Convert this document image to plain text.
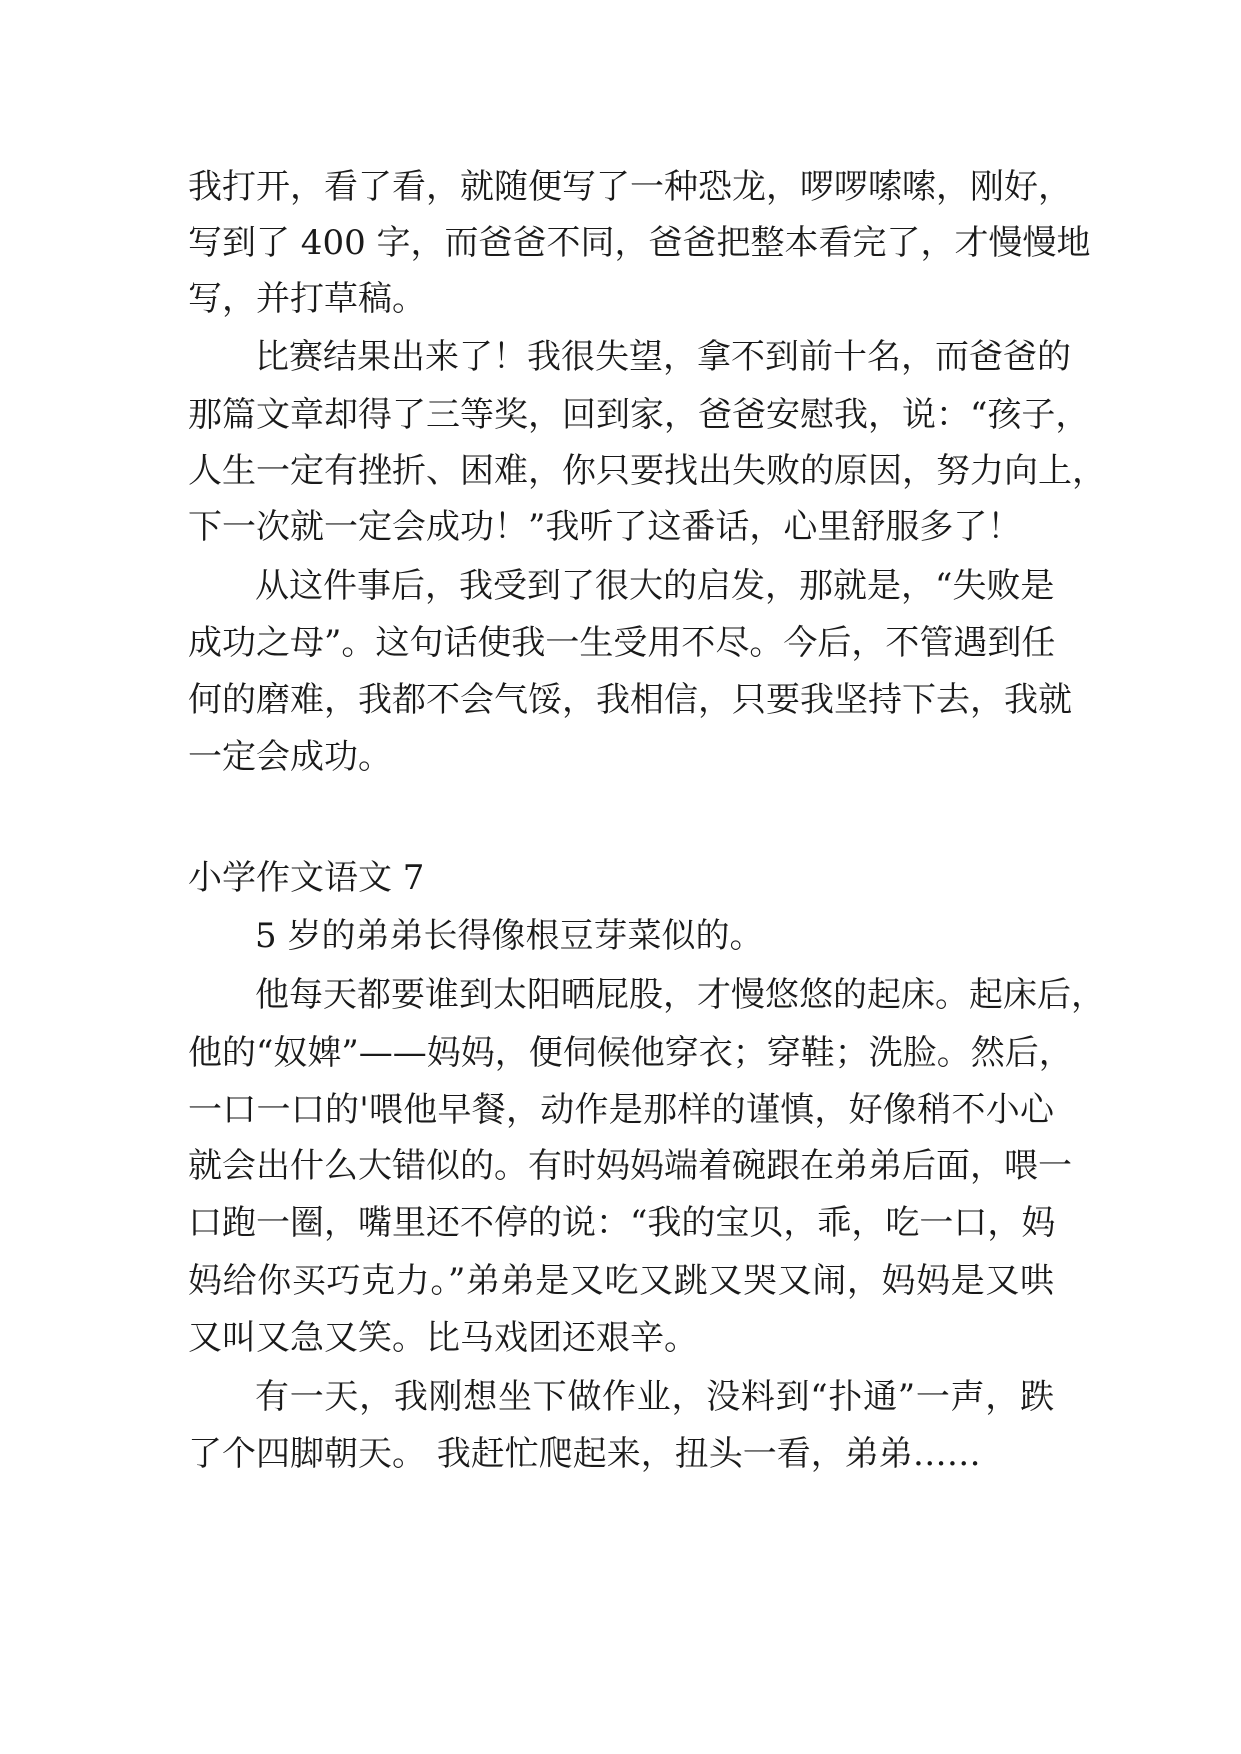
我打开，看了看，就随便写了一种恐龙，啰啰嗦嗦，刚好，
写到了 400 字，而爸爸不同，爸爸把整本看完了，才慢慢地
写，并打草稿。
比赛结果出来了！我很失望，拿不到前十名，而爸爸的
那篇文章却得了三等奖，回到家，爸爸安慰我，说：“孩子，
人生一定有挫折、困难，你只要找出失败的原因，努力向上，
下一次就一定会成功！”我听了这番话，心里舒服多了！
从这件事后，我受到了很大的启发，那就是，“失败是
成功之母”。这句话使我一生受用不尽。今后，不管遇到任
何的磨难，我都不会气馁，我相信，只要我坚持下去，我就
一定会成功。
小学作文语文 7
5 岁的弟弟长得像根豆芽菜似的。
他每天都要谁到太阳晒屁股，才慢悠悠的起床。起床后，
他的“奴婢”——妈妈，便伺候他穿衣；穿鞋；洗脸。然后，
一口一口的'喂他早餐，动作是那样的谨慎，好像稍不小心
就会出什么大错似的。有时妈妈端着碗跟在弟弟后面，喂一
口跑一圈，嘴里还不停的说：“我的宝贝，乖，吃一口，妈
妈给你买巧克力。”弟弟是又吃又跳又哭又闹，妈妈是又哄
又叫又急又笑。比马戏团还艰辛。
有一天，我刚想坐下做作业，没料到“扑通”一声，跌
了个四脚朝天。 我赶忙爬起来，扭头一看，弟弟……
